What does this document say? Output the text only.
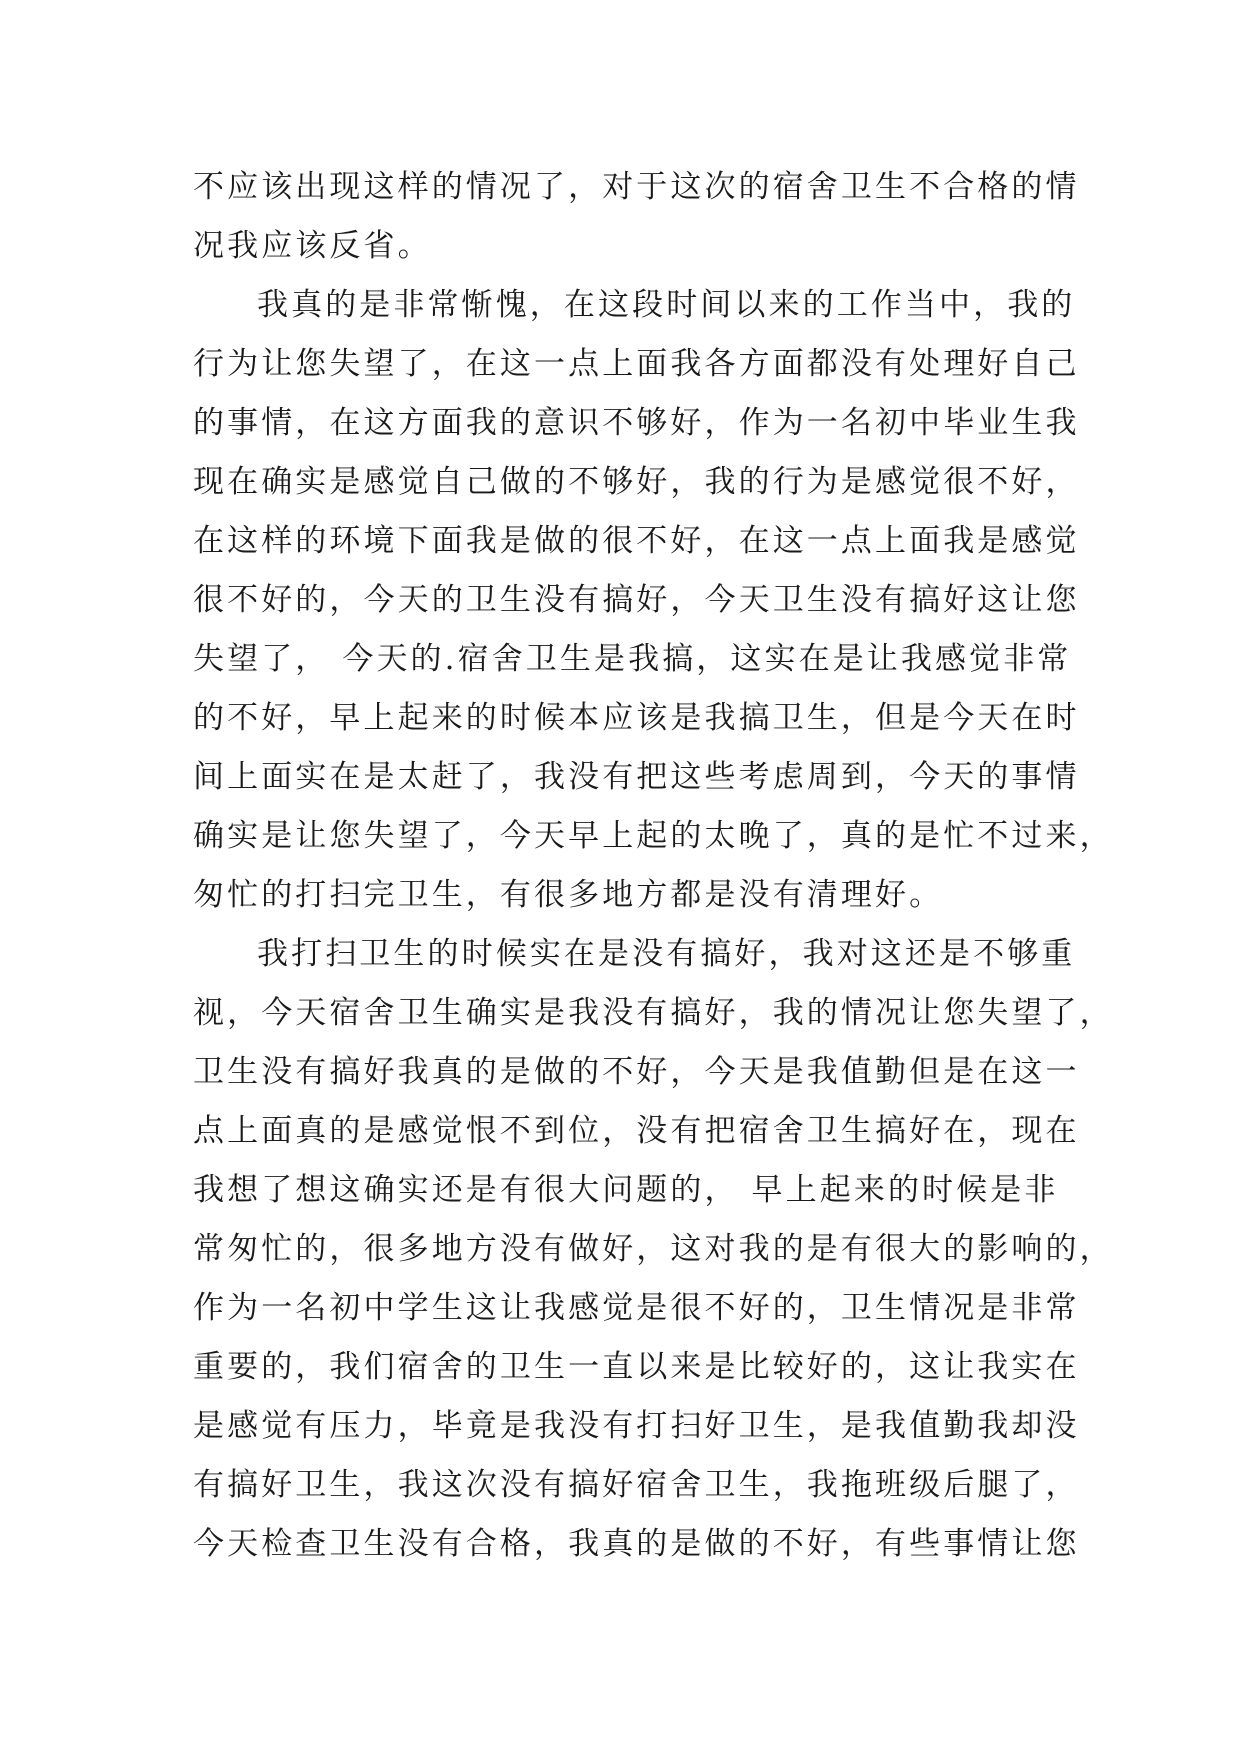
不应该出现这样的情况了，对于这次的宿舍卫生不合格的情
况我应该反省。
我真的是非常惭愧，在这段时间以来的工作当中，我的
行为让您失望了，在这一点上面我各方面都没有处理好自己
的事情，在这方面我的意识不够好，作为一名初中毕业生我
现在确实是感觉自己做的不够好，我的行为是感觉很不好，
在这样的环境下面我是做的很不好，在这一点上面我是感觉
很不好的，今天的卫生没有搞好，今天卫生没有搞好这让您
失望了， 今天的.宿舍卫生是我搞，这实在是让我感觉非常
的不好，早上起来的时候本应该是我搞卫生，但是今天在时
间上面实在是太赶了，我没有把这些考虑周到，今天的事情
确实是让您失望了，今天早上起的太晚了，真的是忙不过来，
匆忙的打扫完卫生，有很多地方都是没有清理好。
我打扫卫生的时候实在是没有搞好，我对这还是不够重
视，今天宿舍卫生确实是我没有搞好，我的情况让您失望了，
卫生没有搞好我真的是做的不好，今天是我值勤但是在这一
点上面真的是感觉恨不到位，没有把宿舍卫生搞好在，现在
我想了想这确实还是有很大问题的， 早上起来的时候是非
常匆忙的，很多地方没有做好，这对我的是有很大的影响的，
作为一名初中学生这让我感觉是很不好的，卫生情况是非常
重要的，我们宿舍的卫生一直以来是比较好的，这让我实在
是感觉有压力，毕竟是我没有打扫好卫生，是我值勤我却没
有搞好卫生，我这次没有搞好宿舍卫生，我拖班级后腿了，
今天检查卫生没有合格，我真的是做的不好，有些事情让您
